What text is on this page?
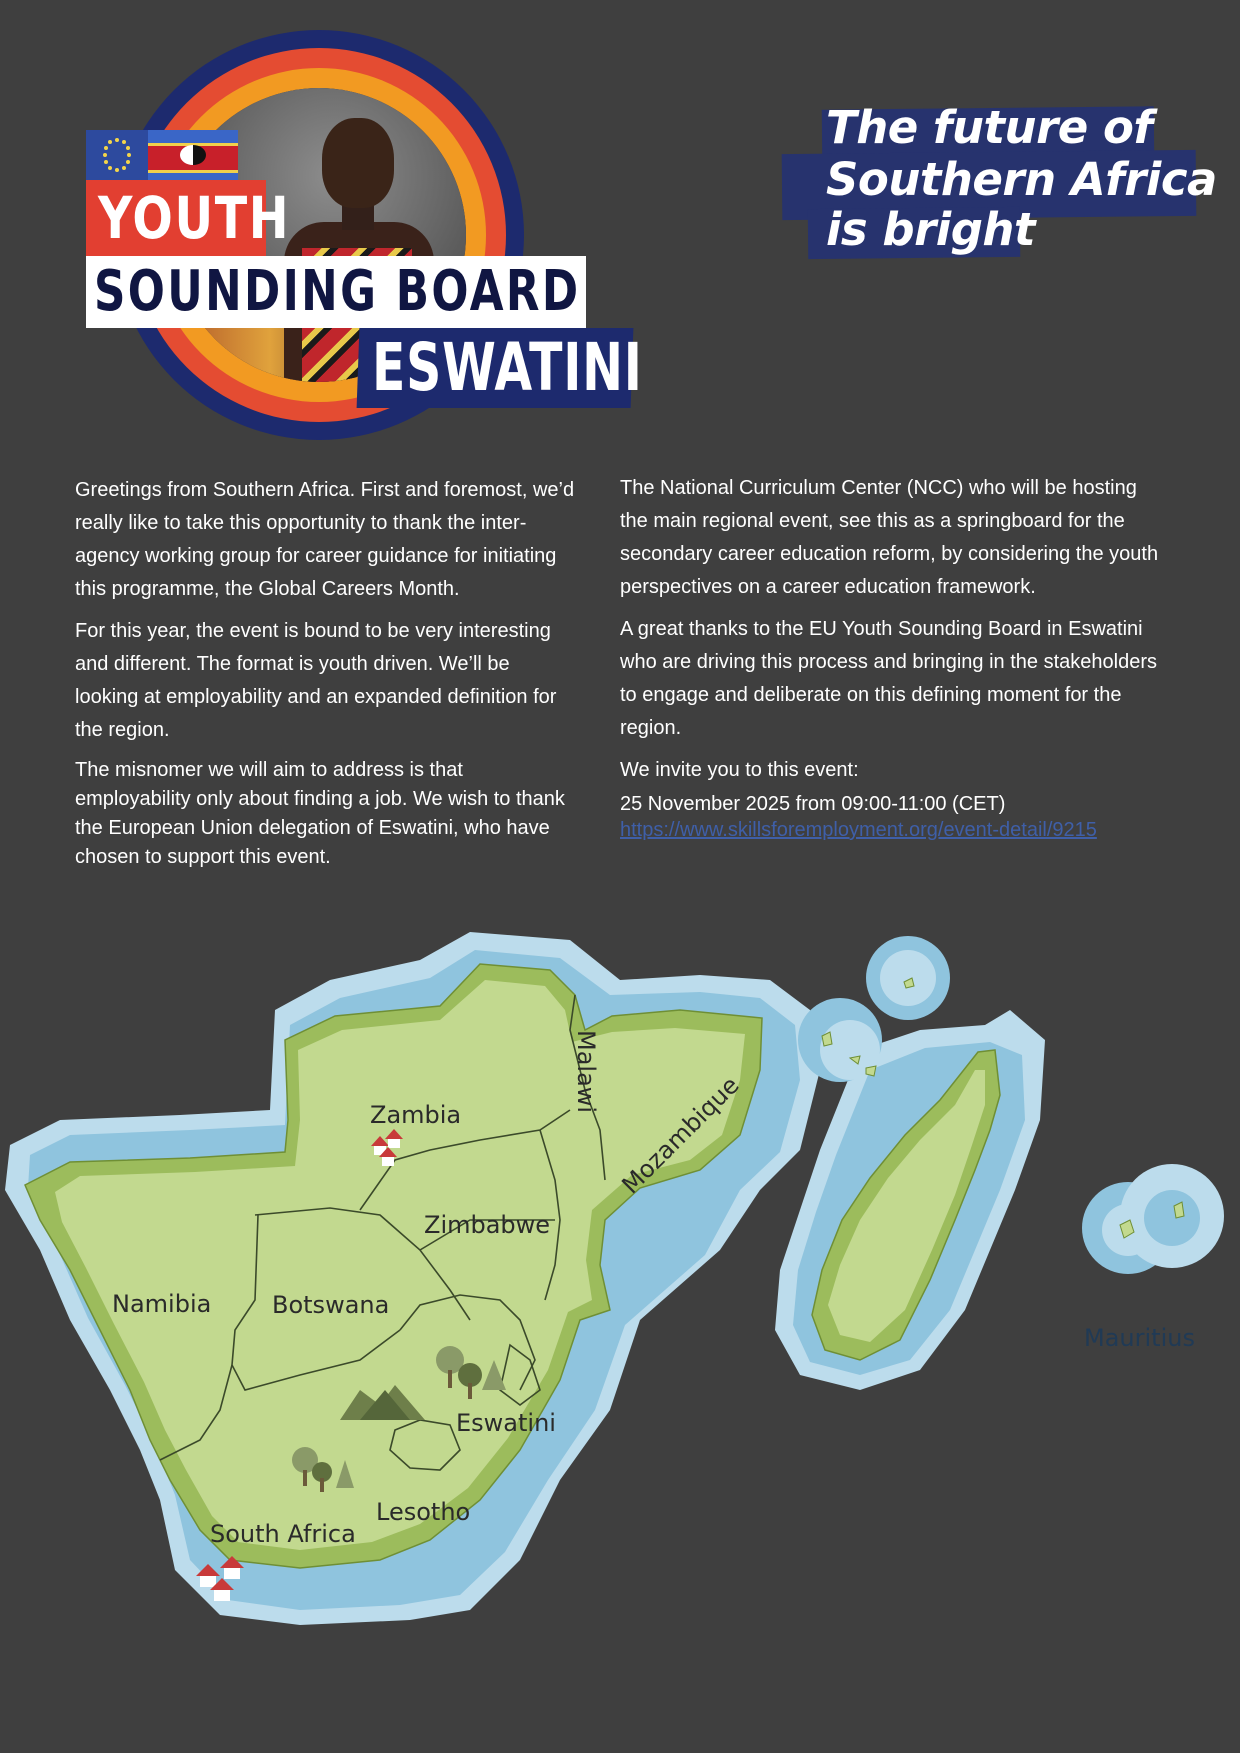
YOUTH
SOUNDING BOARD
ESWATINI
The future of
Southern Africa
is bright

Greetings from Southern Africa. First and foremost, we’d really like to take this opportunity to thank the inter-agency working group for career guidance for initiating this programme, the Global Careers Month.

For this year, the event is bound to be very interesting and different. The format is youth driven. We’ll be looking at employability and an expanded definition for the region.

The misnomer we will aim to address is that employability only about finding a job. We wish to thank the European Union delegation of Eswatini, who have chosen to support this event.

The National Curriculum Center (NCC) who will be hosting the main regional event, see this as a springboard for the secondary career education reform, by considering the youth perspectives on a career education framework.

A great thanks to the EU Youth Sounding Board in Eswatini who are driving this process and bringing in the stakeholders to engage and deliberate on this defining moment for the region.

We invite you to this event:
25 November 2025 from 09:00-11:00 (CET)
https://www.skillsforemployment.org/event-detail/9215
Zambia
Malawi Mozambique
Zimbabwe
Namibia	Botswana
Eswatini
Lesotho
South Africa
Mauritius
